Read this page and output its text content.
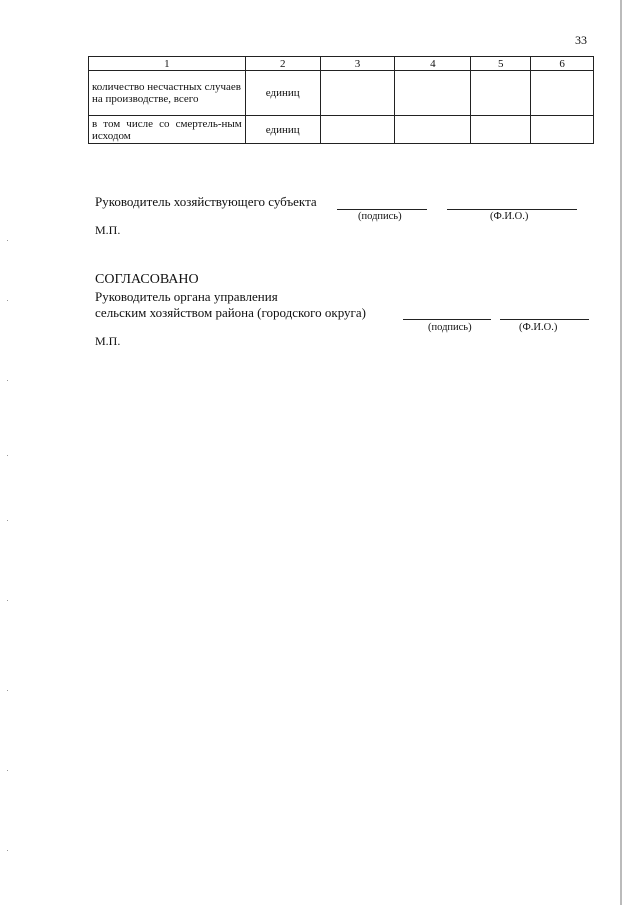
33
1	2	3	4	5	6
количество несчастных случаев на производстве, всего	единиц				
в том числе со смертель-ным исходом	единиц				
Руководитель хозяйствующего субъекта
(подпись)	(Ф.И.О.)
М.П.
СОГЛАСОВАНО
Руководитель органа управления
сельским хозяйством района (городского округа)
(подпись)	(Ф.И.О.)
М.П.
